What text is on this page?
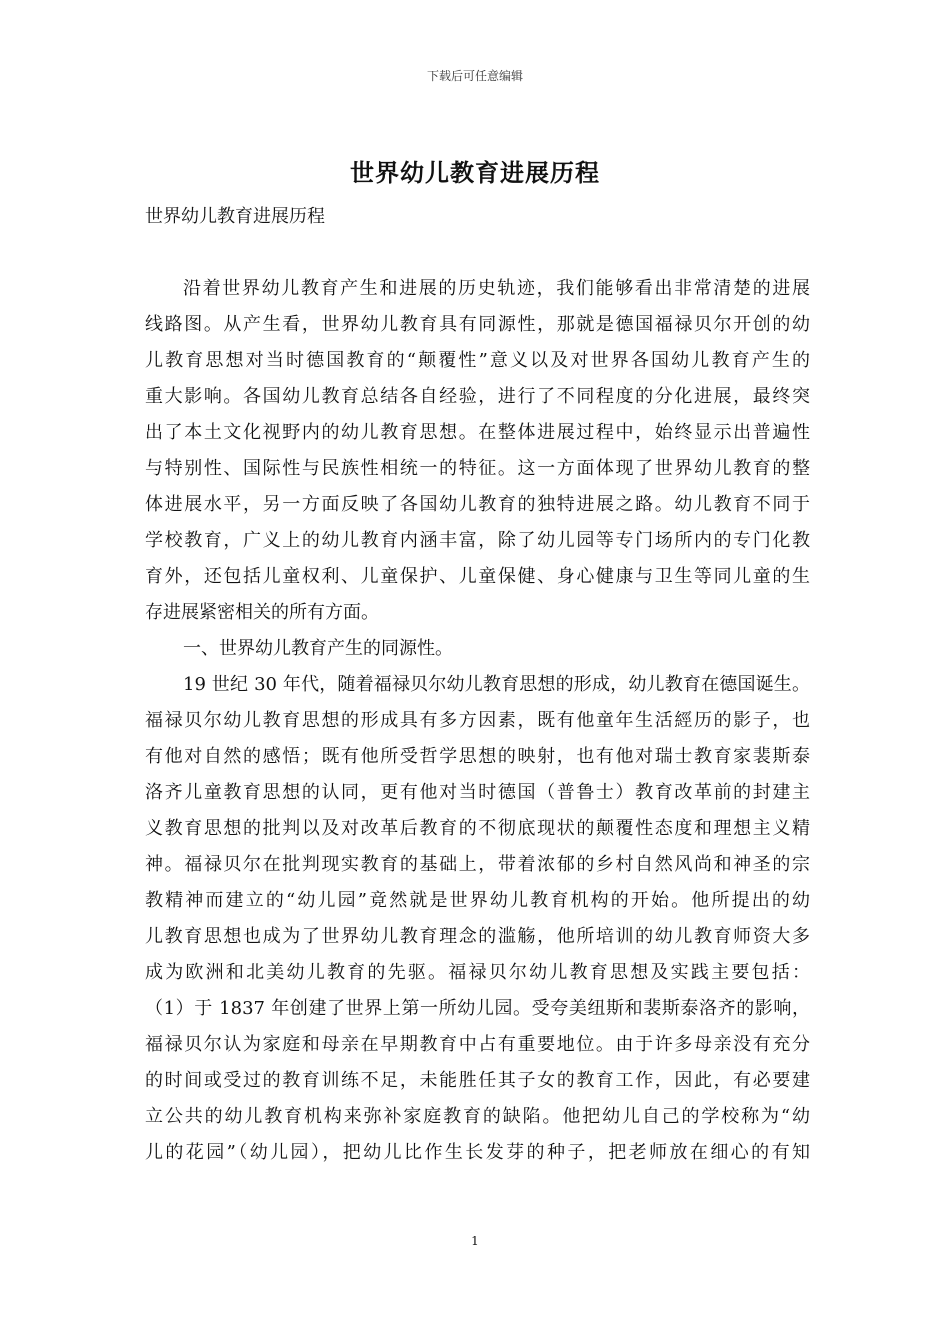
下载后可任意编辑
世界幼儿教育进展历程

世界幼儿教育进展历程

沿着世界幼儿教育产生和进展的历史轨迹，我们能够看出非常清楚的进展
线路图。从产生看，世界幼儿教育具有同源性，那就是德国福禄贝尔开创的幼
儿教育思想对当时德国教育的“颠覆性”意义以及对世界各国幼儿教育产生的
重大影响。各国幼儿教育总结各自经验，进行了不同程度的分化进展，最终突
出了本土文化视野内的幼儿教育思想。在整体进展过程中，始终显示出普遍性
与特别性、国际性与民族性相统一的特征。这一方面体现了世界幼儿教育的整
体进展水平，另一方面反映了各国幼儿教育的独特进展之路。幼儿教育不同于
学校教育，广义上的幼儿教育内涵丰富，除了幼儿园等专门场所内的专门化教
育外，还包括儿童权利、儿童保护、儿童保健、身心健康与卫生等同儿童的生
存进展紧密相关的所有方面。
一、世界幼儿教育产生的同源性。
19 世纪 30 年代，随着福禄贝尔幼儿教育思想的形成，幼儿教育在德国诞生。
福禄贝尔幼儿教育思想的形成具有多方因素，既有他童年生活經历的影子，也
有他对自然的感悟；既有他所受哲学思想的映射，也有他对瑞士教育家裴斯泰
洛齐儿童教育思想的认同，更有他对当时德国（普鲁士）教育改革前的封建主
义教育思想的批判以及对改革后教育的不彻底现状的颠覆性态度和理想主义精
神。福禄贝尔在批判现实教育的基础上，带着浓郁的乡村自然风尚和神圣的宗
教精神而建立的“幼儿园”竟然就是世界幼儿教育机构的开始。他所提出的幼
儿教育思想也成为了世界幼儿教育理念的滥觞，他所培训的幼儿教育师资大多
成为欧洲和北美幼儿教育的先驱。福禄贝尔幼儿教育思想及实践主要包括：
（1）于 1837 年创建了世界上第一所幼儿园。受夸美纽斯和裴斯泰洛齐的影响，
福禄贝尔认为家庭和母亲在早期教育中占有重要地位。由于许多母亲没有充分
的时间或受过的教育训练不足，未能胜任其子女的教育工作，因此，有必要建
立公共的幼儿教育机构来弥补家庭教育的缺陷。他把幼儿自己的学校称为“幼
儿的花园”（幼儿园），把幼儿比作生长发芽的种子，把老师放在细心的有知
1
